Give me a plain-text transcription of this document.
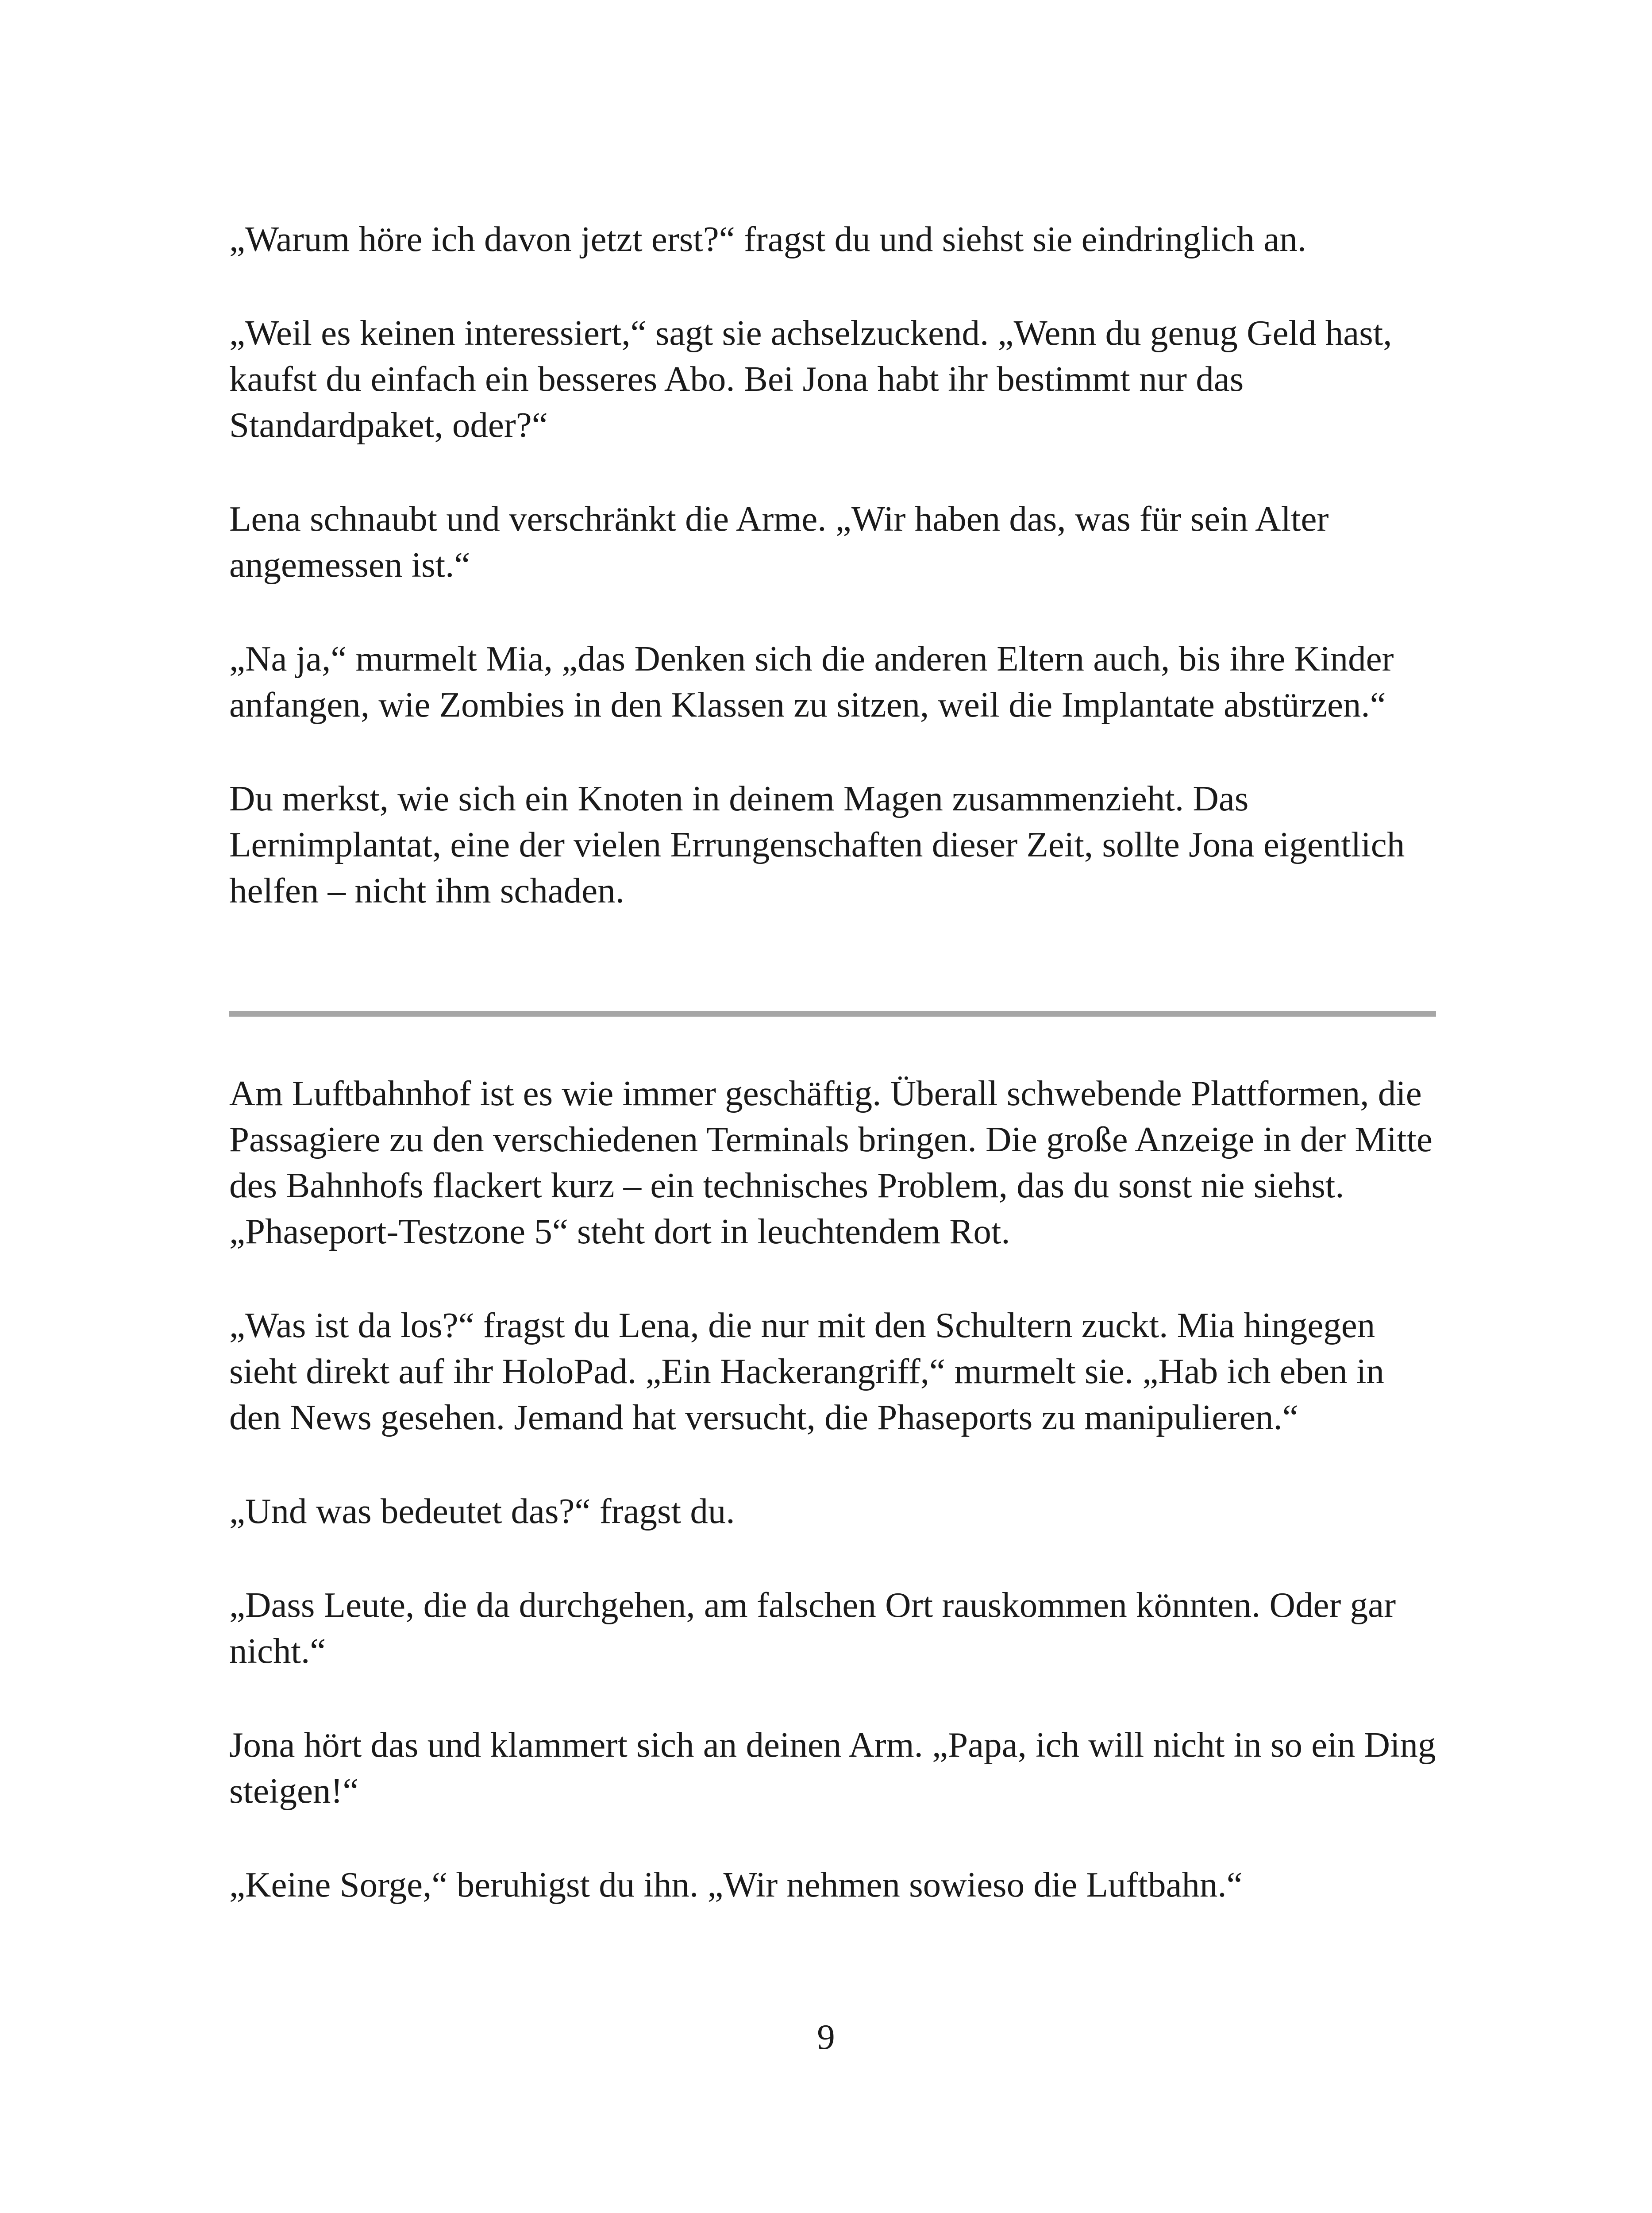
„Warum höre ich davon jetzt erst?“ fragst du und siehst sie eindringlich an.

„Weil es keinen interessiert,“ sagt sie achselzuckend. „Wenn du genug Geld hast, kaufst du einfach ein besseres Abo. Bei Jona habt ihr bestimmt nur das Standardpaket, oder?“

Lena schnaubt und verschränkt die Arme. „Wir haben das, was für sein Alter angemessen ist.“

„Na ja,“ murmelt Mia, „das Denken sich die anderen Eltern auch, bis ihre Kinder anfangen, wie Zombies in den Klassen zu sitzen, weil die Implantate abstürzen.“

Du merkst, wie sich ein Knoten in deinem Magen zusammenzieht. Das Lernimplantat, eine der vielen Errungenschaften dieser Zeit, sollte Jona eigentlich helfen – nicht ihm schaden.

Am Luftbahnhof ist es wie immer geschäftig. Überall schwebende Plattformen, die Passagiere zu den verschiedenen Terminals bringen. Die große Anzeige in der Mitte des Bahnhofs flackert kurz – ein technisches Problem, das du sonst nie siehst. „Phaseport-Testzone 5“ steht dort in leuchtendem Rot.

„Was ist da los?“ fragst du Lena, die nur mit den Schultern zuckt. Mia hingegen sieht direkt auf ihr HoloPad. „Ein Hackerangriff,“ murmelt sie. „Hab ich eben in den News gesehen. Jemand hat versucht, die Phaseports zu manipulieren.“

„Und was bedeutet das?“ fragst du.

„Dass Leute, die da durchgehen, am falschen Ort rauskommen könnten. Oder gar nicht.“

Jona hört das und klammert sich an deinen Arm. „Papa, ich will nicht in so ein Ding steigen!“

„Keine Sorge,“ beruhigst du ihn. „Wir nehmen sowieso die Luftbahn.“

9
